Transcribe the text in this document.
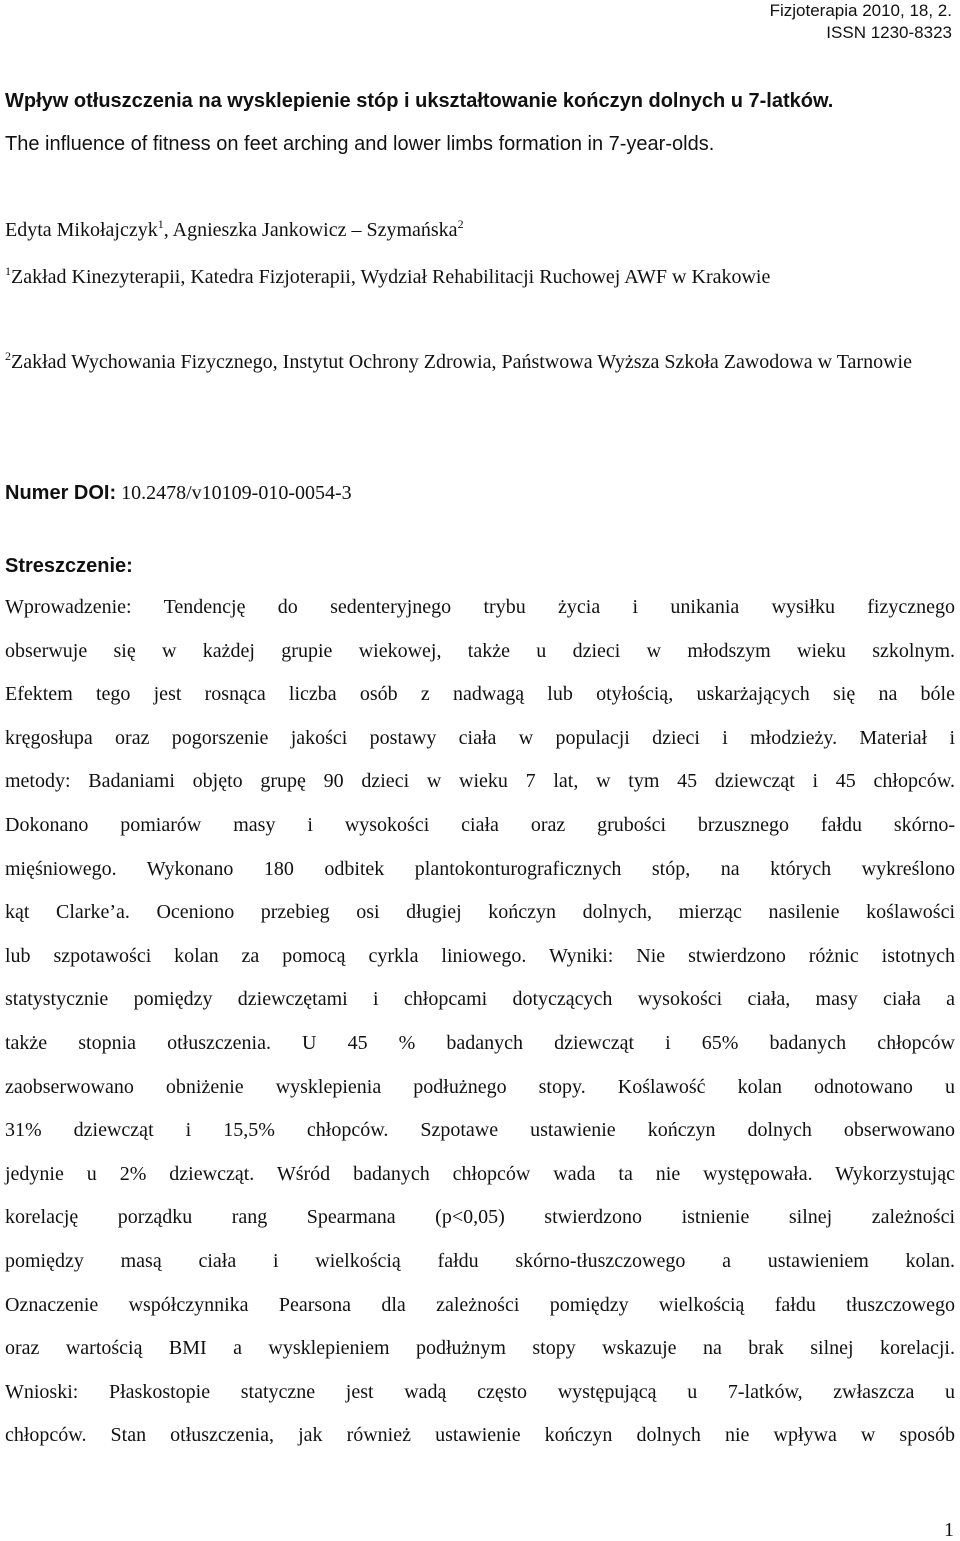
Fizjoterapia 2010, 18, 2.
ISSN 1230-8323
Wpływ otłuszczenia na wysklepienie stóp i ukształtowanie kończyn dolnych u 7-latków.
The influence of fitness on feet arching and lower limbs formation in 7-year-olds.
Edyta Mikołajczyk$^1$, Agnieszka Jankowicz – Szymańska$^2$
$^1$Zakład Kinezyterapii, Katedra Fizjoterapii, Wydział Rehabilitacji Ruchowej AWF w Krakowie
$^2$Zakład Wychowania Fizycznego, Instytut Ochrony Zdrowia, Państwowa Wyższa Szkoła Zawodowa w Tarnowie
Numer DOI: 10.2478/v10109-010-0054-3
Streszczenie:
Wprowadzenie: Tendencję do sedenteryjnego trybu życia i unikania wysiłku fizycznego
obserwuje się w każdej grupie wiekowej, także u dzieci w młodszym wieku szkolnym.
Efektem tego jest rosnąca liczba osób z nadwagą lub otyłością, uskarżających się na bóle
kręgosłupa oraz pogorszenie jakości postawy ciała w populacji dzieci i młodzieży. Materiał i
metody: Badaniami objęto grupę 90 dzieci w wieku 7 lat, w tym 45 dziewcząt i 45 chłopców.
Dokonano pomiarów masy i wysokości ciała oraz grubości brzusznego fałdu skórno-
mięśniowego. Wykonano 180 odbitek plantokonturograficznych stóp, na których wykreślono
kąt Clarke’a. Oceniono przebieg osi długiej kończyn dolnych, mierząc nasilenie koślawości
lub szpotawości kolan za pomocą cyrkla liniowego. Wyniki: Nie stwierdzono różnic istotnych
statystycznie pomiędzy dziewczętami i chłopcami dotyczących wysokości ciała, masy ciała a
także stopnia otłuszczenia. U 45 % badanych dziewcząt i 65% badanych chłopców
zaobserwowano obniżenie wysklepienia podłużnego stopy. Koślawość kolan odnotowano u
31% dziewcząt i 15,5% chłopców. Szpotawe ustawienie kończyn dolnych obserwowano
jedynie u 2% dziewcząt. Wśród badanych chłopców wada ta nie występowała. Wykorzystując
korelację porządku rang Spearmana (p<0,05) stwierdzono istnienie silnej zależności
pomiędzy masą ciała i wielkością fałdu skórno-tłuszczowego a ustawieniem kolan.
Oznaczenie współczynnika Pearsona dla zależności pomiędzy wielkością fałdu tłuszczowego
oraz wartością BMI a wysklepieniem podłużnym stopy wskazuje na brak silnej korelacji.
Wnioski: Płaskostopie statyczne jest wadą często występującą u 7-latków, zwłaszcza u
chłopców. Stan otłuszczenia, jak również ustawienie kończyn dolnych nie wpływa w sposób
1
